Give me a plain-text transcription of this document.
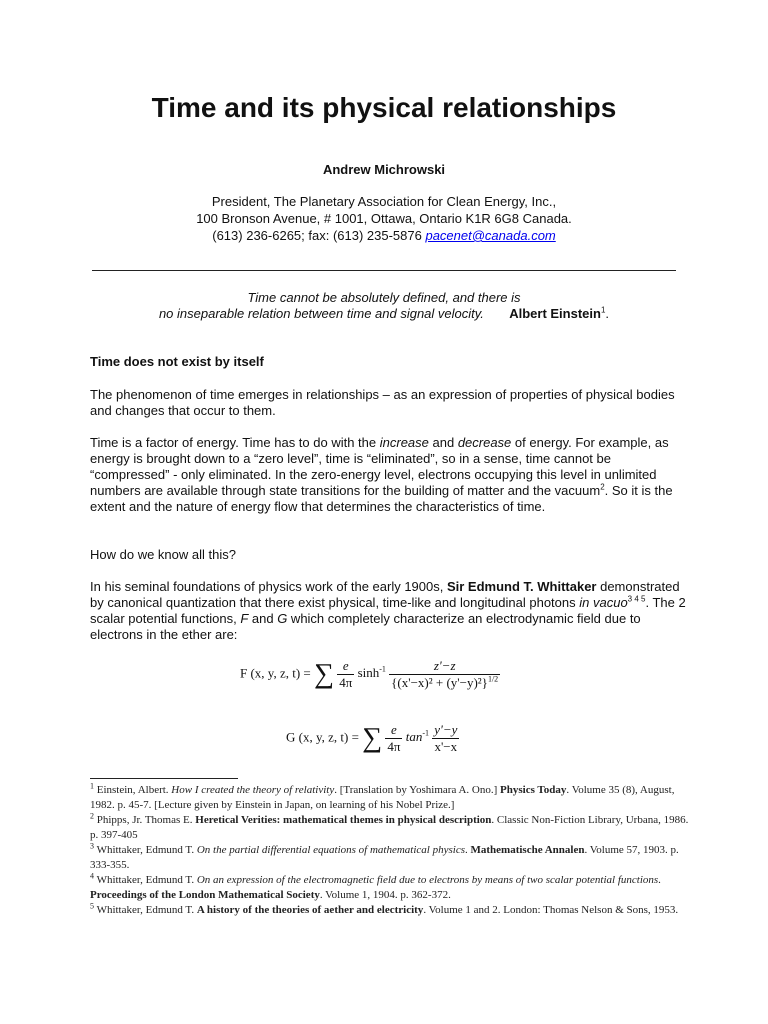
Time and its physical relationships
Andrew Michrowski
President, The Planetary Association for Clean Energy, Inc.,
100 Bronson Avenue, # 1001, Ottawa, Ontario K1R 6G8 Canada.
(613) 236-6265; fax: (613) 235-5876 pacenet@canada.com
Time cannot be absolutely defined, and there is
no inseparable relation between time and signal velocity. Albert Einstein$^1$.
Time does not exist by itself
The phenomenon of time emerges in relationships – as an expression of properties of physical bodies and changes that occur to them.
Time is a factor of energy. Time has to do with the increase and decrease of energy. For example, as energy is brought down to a “zero level”, time is “eliminated”, so in a sense, time cannot be “compressed” - only eliminated. In the zero-energy level, electrons occupying this level in unlimited numbers are available through state transitions for the building of matter and the vacuum$^2$. So it is the extent and the nature of energy flow that determines the characteristics of time.
How do we know all this?
In his seminal foundations of physics work of the early 1900s, Sir Edmund T. Whittaker demonstrated by canonical quantization that there exist physical, time-like and longitudinal photons in vacuo$^{3 4 5}$. The 2 scalar potential functions, F and G which completely characterize an electrodynamic field due to electrons in the ether are:
F (x, y, z, t) = ∑ $\frac{e}{4\pi} \sinh^{-1} \frac{z'-z}{\{(x'-x)^2 + (y'-y)^2\}^{1/2}}$
G (x, y, z, t) = ∑ $\frac{e}{4\pi} \tan^{-1} \frac{y'-y}{x'-x}$

$^1$ Einstein, Albert. How I created the theory of relativity. [Translation by Yoshimara A. Ono.] Physics Today. Volume 35 (8), August, 1982. p. 45-7. [Lecture given by Einstein in Japan, on learning of his Nobel Prize.]

$^2$ Phipps, Jr. Thomas E. Heretical Verities: mathematical themes in physical description. Classic Non-Fiction Library, Urbana, 1986. p. 397-405

$^3$ Whittaker, Edmund T. On the partial differential equations of mathematical physics. Mathematische Annalen. Volume 57, 1903. p. 333-355.

$^4$ Whittaker, Edmund T. On an expression of the electromagnetic field due to electrons by means of two scalar potential functions. Proceedings of the London Mathematical Society. Volume 1, 1904. p. 362-372.

$^5$ Whittaker, Edmund T. A history of the theories of aether and electricity. Volume 1 and 2. London: Thomas Nelson & Sons, 1953.
